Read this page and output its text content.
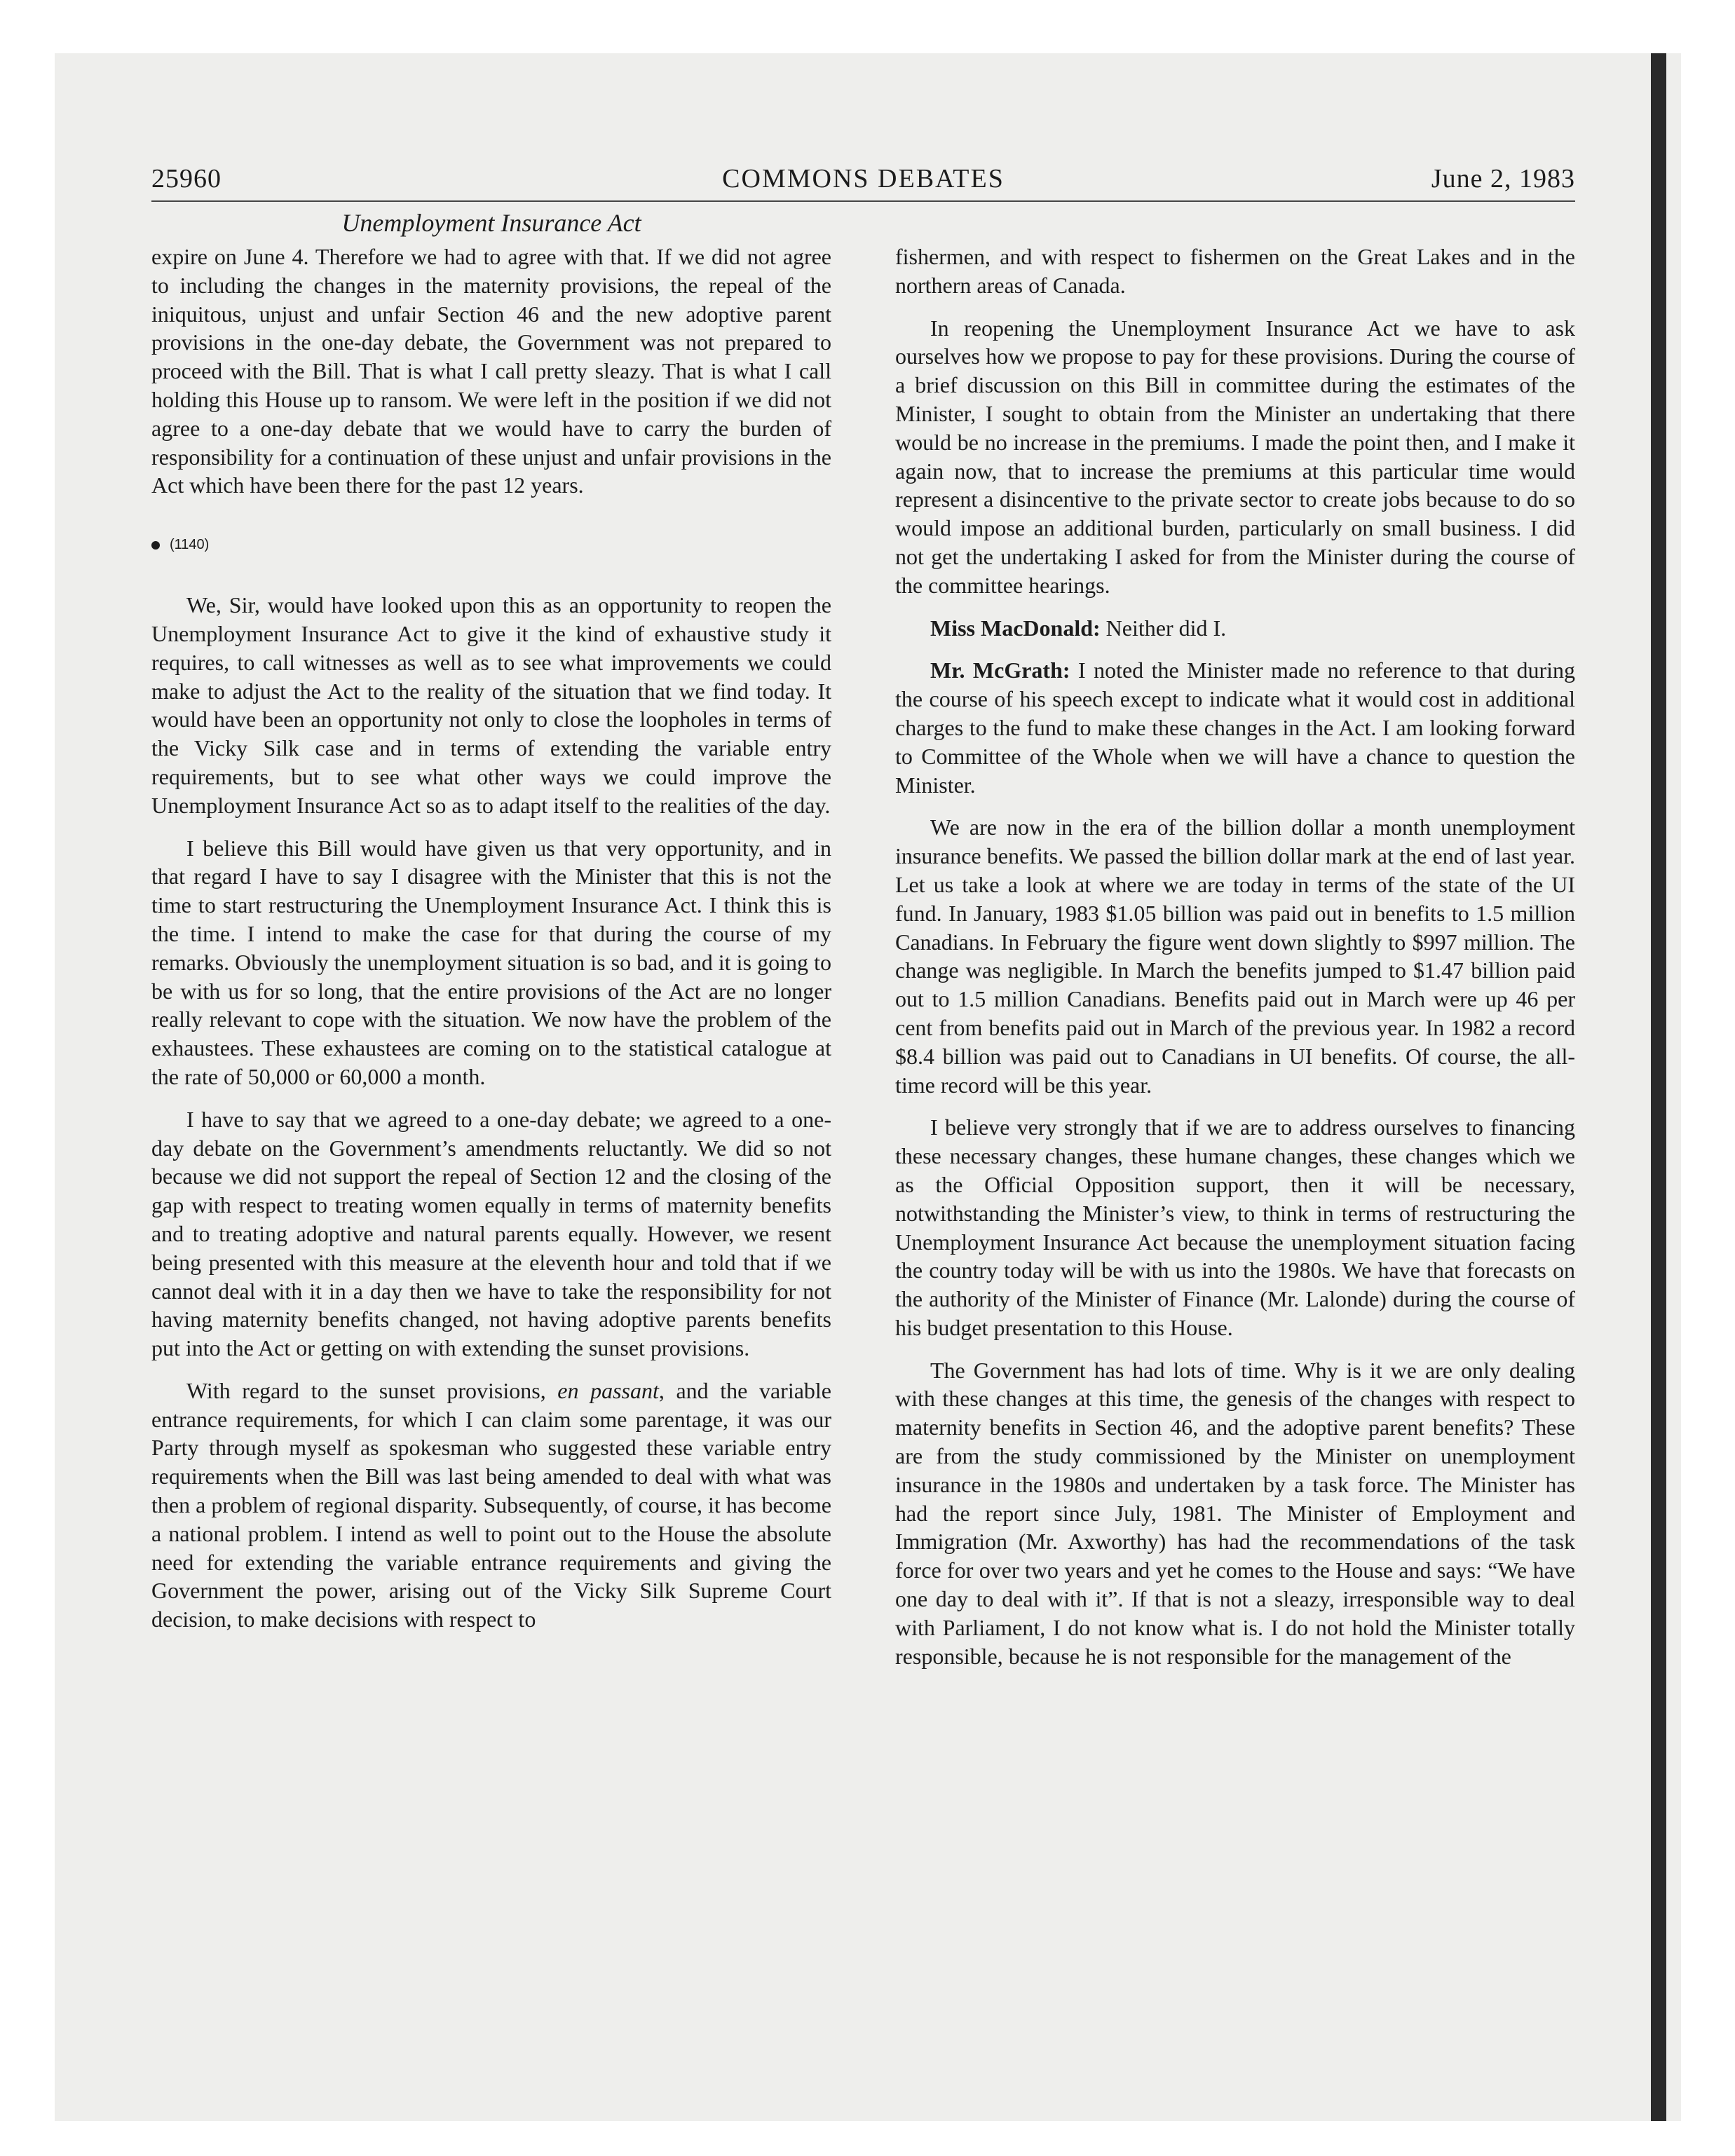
25960	COMMONS DEBATES	June 2, 1983
Unemployment Insurance Act

expire on June 4. Therefore we had to agree with that. If we did not agree to including the changes in the maternity provisions, the repeal of the iniquitous, unjust and unfair Section 46 and the new adoptive parent provisions in the one-day debate, the Government was not prepared to proceed with the Bill. That is what I call pretty sleazy. That is what I call holding this House up to ransom. We were left in the position if we did not agree to a one-day debate that we would have to carry the burden of responsibility for a continuation of these unjust and unfair provisions in the Act which have been there for the past 12 years.

(1140)

We, Sir, would have looked upon this as an opportunity to reopen the Unemployment Insurance Act to give it the kind of exhaustive study it requires, to call witnesses as well as to see what improvements we could make to adjust the Act to the reality of the situation that we find today. It would have been an opportunity not only to close the loopholes in terms of the Vicky Silk case and in terms of extending the variable entry requirements, but to see what other ways we could improve the Unemployment Insurance Act so as to adapt itself to the realities of the day.

I believe this Bill would have given us that very opportunity, and in that regard I have to say I disagree with the Minister that this is not the time to start restructuring the Unemployment Insurance Act. I think this is the time. I intend to make the case for that during the course of my remarks. Obviously the unemployment situation is so bad, and it is going to be with us for so long, that the entire provisions of the Act are no longer really relevant to cope with the situation. We now have the problem of the exhaustees. These exhaustees are coming on to the statistical catalogue at the rate of 50,000 or 60,000 a month.

I have to say that we agreed to a one-day debate; we agreed to a one-day debate on the Government’s amendments reluctantly. We did so not because we did not support the repeal of Section 12 and the closing of the gap with respect to treating women equally in terms of maternity benefits and to treating adoptive and natural parents equally. However, we resent being presented with this measure at the eleventh hour and told that if we cannot deal with it in a day then we have to take the responsibility for not having maternity benefits changed, not having adoptive parents benefits put into the Act or getting on with extending the sunset provisions.

With regard to the sunset provisions, en passant, and the variable entrance requirements, for which I can claim some parentage, it was our Party through myself as spokesman who suggested these variable entry requirements when the Bill was last being amended to deal with what was then a problem of regional disparity. Subsequently, of course, it has become a national problem. I intend as well to point out to the House the absolute need for extending the variable entrance requirements and giving the Government the power, arising out of the Vicky Silk Supreme Court decision, to make decisions with respect to

fishermen, and with respect to fishermen on the Great Lakes and in the northern areas of Canada.

In reopening the Unemployment Insurance Act we have to ask ourselves how we propose to pay for these provisions. During the course of a brief discussion on this Bill in committee during the estimates of the Minister, I sought to obtain from the Minister an undertaking that there would be no increase in the premiums. I made the point then, and I make it again now, that to increase the premiums at this particular time would represent a disincentive to the private sector to create jobs because to do so would impose an additional burden, particularly on small business. I did not get the undertaking I asked for from the Minister during the course of the committee hearings.

Miss MacDonald: Neither did I.

Mr. McGrath: I noted the Minister made no reference to that during the course of his speech except to indicate what it would cost in additional charges to the fund to make these changes in the Act. I am looking forward to Committee of the Whole when we will have a chance to question the Minister.

We are now in the era of the billion dollar a month unemployment insurance benefits. We passed the billion dollar mark at the end of last year. Let us take a look at where we are today in terms of the state of the UI fund. In January, 1983 $1.05 billion was paid out in benefits to 1.5 million Canadians. In February the figure went down slightly to $997 million. The change was negligible. In March the benefits jumped to $1.47 billion paid out to 1.5 million Canadians. Benefits paid out in March were up 46 per cent from benefits paid out in March of the previous year. In 1982 a record $8.4 billion was paid out to Canadians in UI benefits. Of course, the all-time record will be this year.

I believe very strongly that if we are to address ourselves to financing these necessary changes, these humane changes, these changes which we as the Official Opposition support, then it will be necessary, notwithstanding the Minister’s view, to think in terms of restructuring the Unemployment Insurance Act because the unemployment situation facing the country today will be with us into the 1980s. We have that forecasts on the authority of the Minister of Finance (Mr. Lalonde) during the course of his budget presentation to this House.

The Government has had lots of time. Why is it we are only dealing with these changes at this time, the genesis of the changes with respect to maternity benefits in Section 46, and the adoptive parent benefits? These are from the study commissioned by the Minister on unemployment insurance in the 1980s and undertaken by a task force. The Minister has had the report since July, 1981. The Minister of Employment and Immigration (Mr. Axworthy) has had the recommendations of the task force for over two years and yet he comes to the House and says: “We have one day to deal with it”. If that is not a sleazy, irresponsible way to deal with Parliament, I do not know what is. I do not hold the Minister totally responsible, because he is not responsible for the management of the
